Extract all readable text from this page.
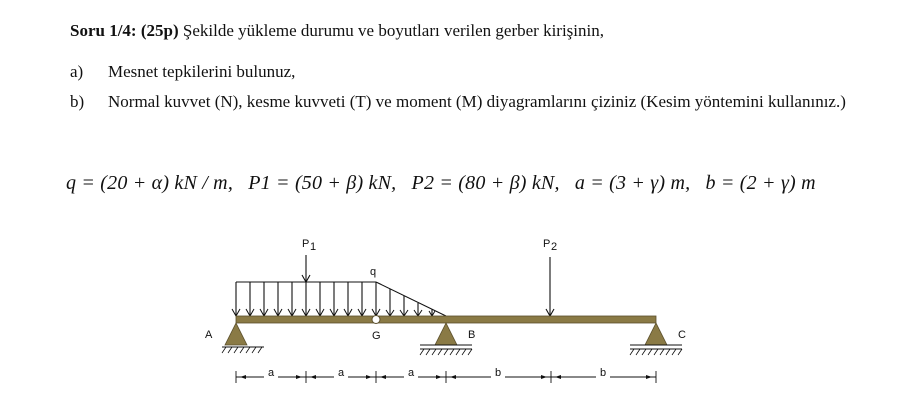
Soru 1/4: (25p) Şekilde yükleme durumu ve boyutları verilen gerber kirişinin,
a)	Mesnet tepkilerini bulunuz,
b)	Normal kuvvet (N), kesme kuvveti (T) ve moment (M) diyagramlarını çiziniz (Kesim yöntemini kullanınız.)
q = (20 + α) kN / m, P1 = (50 + β) kN, P2 = (80 + β) kN, a = (3 + γ) m, b = (2 + γ) m
P 1
q
P 2
G
A	B	C
a	a	a	b	b
